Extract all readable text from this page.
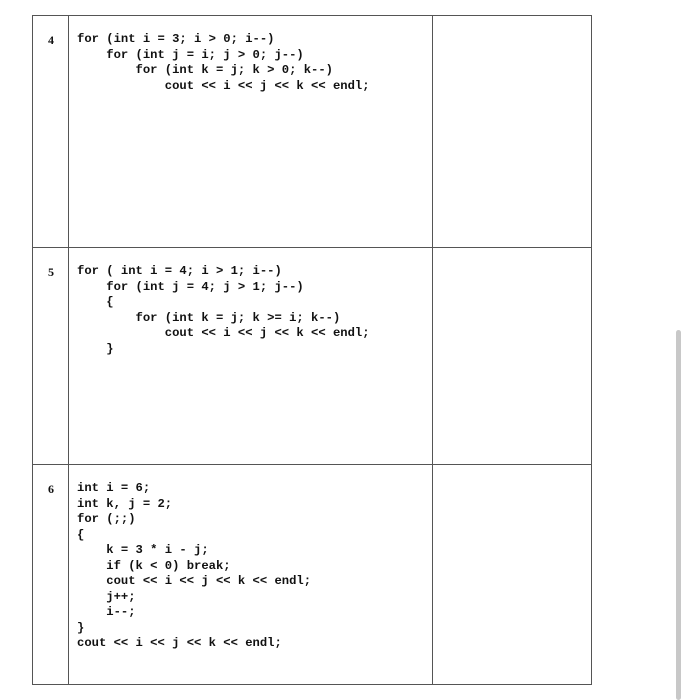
4 for (int i = 3; i > 0; i--)
for (int j = i; j > 0; j--)
for (int k = j; k > 0; k--)
cout << i << j << k << endl;
5 for ( int i = 4; i > 1; i--)
for (int j = 4; j > 1; j--)
{
for (int k = j; k >= i; k--)
cout << i << j << k << endl;
}
6 int i = 6;
int k, j = 2;
for (;;)
{
k = 3 * i - j;
if (k < 0) break;
cout << i << j << k << endl;
j++;
i--;
}
cout << i << j << k << endl;
